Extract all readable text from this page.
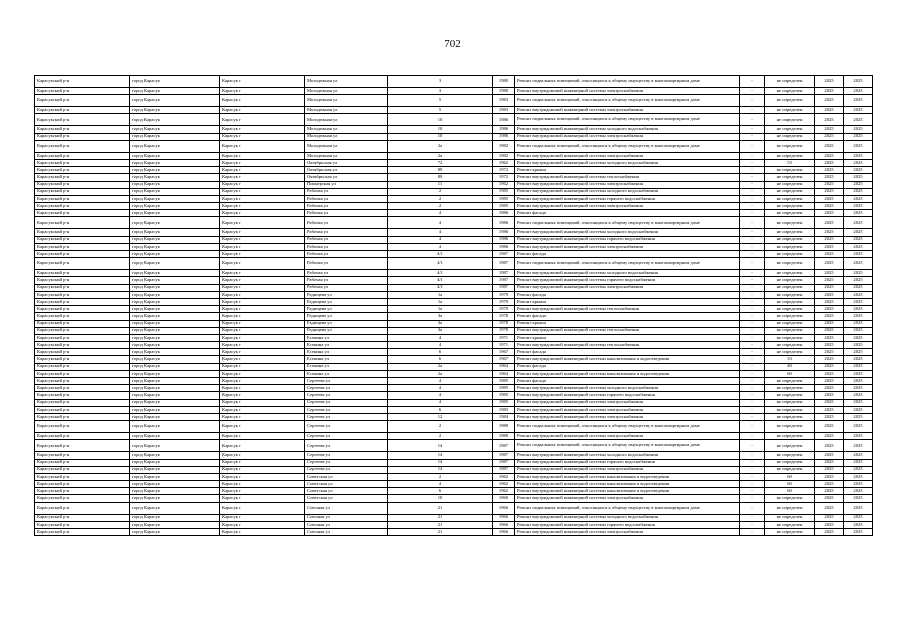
702
Карасукский р-н	город Карасук	Карасук г	Молодежная ул	3	1980	Ремонт подвальных помещений, относящихся к общему имуществу в многоквартирном доме	-	не определен	2025	2025
Карасукский р-н	город Карасук	Карасук г	Молодежная ул	3	1980	Ремонт внутридомовой инженерной системы электроснабжения	-	не определен	2025	2025
Карасукский р-н	город Карасук	Карасук г	Молодежная ул	5	1983	Ремонт подвальных помещений, относящихся к общему имуществу в многоквартирном доме	-	не определен	2025	2025
Карасукский р-н	город Карасук	Карасук г	Молодежная ул	5	1983	Ремонт внутридомовой инженерной системы электроснабжения	-	не определен	2025	2025
Карасукский р-н	город Карасук	Карасук г	Молодежная ул	10	1986	Ремонт подвальных помещений, относящихся к общему имуществу в многоквартирном доме	-	не определен	2025	2025
Карасукский р-н	город Карасук	Карасук г	Молодежная ул	10	1986	Ремонт внутридомовой инженерной системы холодного водоснабжения	-	не определен	2025	2025
Карасукский р-н	город Карасук	Карасук г	Молодежная ул	10	1986	Ремонт внутридомовой инженерной системы электроснабжения	-	не определен	2025	2025
Карасукский р-н	город Карасук	Карасук г	Молодежная ул	2а	1982	Ремонт подвальных помещений, относящихся к общему имуществу в многоквартирном доме	-	не определен	2025	2025
Карасукский р-н	город Карасук	Карасук г	Молодежная ул	2а	1982	Ремонт внутридомовой инженерной системы электроснабжения	-	не определен	2025	2025
Карасукский р-н	город Карасук	Карасук г	Октябрьская ул	72	1962	Ремонт внутридомовой инженерной системы холодного водоснабжения	-	53	2025	2025
Карасукский р-н	город Карасук	Карасук г	Октябрьская ул	89	1972	Ремонт крыши	-	не определен	2025	2025
Карасукский р-н	город Карасук	Карасук г	Октябрьская ул	89	1972	Ремонт внутридомовой инженерной системы теплоснабжения	-	не определен	2025	2025
Карасукский р-н	город Карасук	Карасук г	Пионерская ул	11	1962	Ремонт внутридомовой инженерной системы электроснабжения	-	не определен	2025	2025
Карасукский р-н	город Карасук	Карасук г	Рабочая ул	2	1985	Ремонт внутридомовой инженерной системы холодного водоснабжения	-	не определен	2025	2025
Карасукский р-н	город Карасук	Карасук г	Рабочая ул	2	1985	Ремонт внутридомовой инженерной системы горячего водоснабжения	-	не определен	2025	2025
Карасукский р-н	город Карасук	Карасук г	Рабочая ул	2	1985	Ремонт внутридомовой инженерной системы электроснабжения	-	не определен	2025	2025
Карасукский р-н	город Карасук	Карасук г	Рабочая ул	4	1986	Ремонт фасада	-	не определен	2025	2025
Карасукский р-н	город Карасук	Карасук г	Рабочая ул	4	1986	Ремонт подвальных помещений, относящихся к общему имуществу в многоквартирном доме	-	не определен	2025	2025
Карасукский р-н	город Карасук	Карасук г	Рабочая ул	4	1986	Ремонт внутридомовой инженерной системы холодного водоснабжения	-	не определен	2025	2025
Карасукский р-н	город Карасук	Карасук г	Рабочая ул	4	1986	Ремонт внутридомовой инженерной системы горячего водоснабжения	-	не определен	2025	2025
Карасукский р-н	город Карасук	Карасук г	Рабочая ул	4	1986	Ремонт внутридомовой инженерной системы электроснабжения	-	не определен	2025	2025
Карасукский р-н	город Карасук	Карасук г	Рабочая ул	4/1	1987	Ремонт фасада	-	не определен	2025	2025
Карасукский р-н	город Карасук	Карасук г	Рабочая ул	4/1	1987	Ремонт подвальных помещений, относящихся к общему имуществу в многоквартирном доме	-	не определен	2025	2025
Карасукский р-н	город Карасук	Карасук г	Рабочая ул	4/1	1987	Ремонт внутридомовой инженерной системы холодного водоснабжения	-	не определен	2025	2025
Карасукский р-н	город Карасук	Карасук г	Рабочая ул	4/1	1987	Ремонт внутридомовой инженерной системы горячего водоснабжения	-	не определен	2025	2025
Карасукский р-н	город Карасук	Карасук г	Рабочая ул	4/1	1987	Ремонт внутридомовой инженерной системы электроснабжения	-	не определен	2025	2025
Карасукский р-н	город Карасук	Карасук г	Радищева ул	1а	1979	Ремонт фасада	-	не определен	2025	2025
Карасукский р-н	город Карасук	Карасук г	Радищева ул	1а	1979	Ремонт крыши	-	не определен	2025	2025
Карасукский р-н	город Карасук	Карасук г	Радищева ул	1а	1979	Ремонт внутридомовой инженерной системы теплоснабжения	-	не определен	2025	2025
Карасукский р-н	город Карасук	Карасук г	Радищева ул	3а	1978	Ремонт фасада	-	не определен	2025	2025
Карасукский р-н	город Карасук	Карасук г	Радищева ул	3а	1978	Ремонт крыши	-	не определен	2025	2025
Карасукский р-н	город Карасук	Карасук г	Радищева ул	3а	1978	Ремонт внутридомовой инженерной системы теплоснабжения	-	не определен	2025	2025
Карасукский р-н	город Карасук	Карасук г	Есенина ул	4	1971	Ремонт крыши	-	не определен	2025	2025
Карасукский р-н	город Карасук	Карасук г	Есенина ул	4	1971	Ремонт внутридомовой инженерной системы теплоснабжения	-	не определен	2025	2025
Карасукский р-н	город Карасук	Карасук г	Есенина ул	6	1967	Ремонт фасада	-	не определен	2025	2025
Карасукский р-н	город Карасук	Карасук г	Есенина ул	6	1967	Ремонт внутридомовой инженерной системы канализования и водоотведения	-	53	2025	2025
Карасукский р-н	город Карасук	Карасук г	Есенина ул	2а	1964	Ремонт фасада	-	40	2025	2025
Карасукский р-н	город Карасук	Карасук г	Есенина ул	2а	1964	Ремонт внутридомовой инженерной системы канализования и водоотведения	-	60	2025	2025
Карасукский р-н	город Карасук	Карасук г	Сергеева ул	4	1985	Ремонт фасада	-	не определен	2025	2025
Карасукский р-н	город Карасук	Карасук г	Сергеева ул	4	1985	Ремонт внутридомовой инженерной системы холодного водоснабжения	-	не определен	2025	2025
Карасукский р-н	город Карасук	Карасук г	Сергеева ул	4	1985	Ремонт внутридомовой инженерной системы горячего водоснабжения	-	не определен	2025	2025
Карасукский р-н	город Карасук	Карасук г	Сергеева ул	4	1985	Ремонт внутридомовой инженерной системы электроснабжения	-	не определен	2025	2025
Карасукский р-н	город Карасук	Карасук г	Сергеева ул	6	1983	Ремонт внутридомовой инженерной системы электроснабжения	-	не определен	2025	2025
Карасукский р-н	город Карасук	Карасук г	Сергеева ул	12	1984	Ремонт внутридомовой инженерной системы электроснабжения	-	не определен	2025	2025
Карасукский р-н	город Карасук	Карасук г	Сергеева ул	2	1980	Ремонт подвальных помещений, относящихся к общему имуществу в многоквартирном доме	-	не определен	2025	2025
Карасукский р-н	город Карасук	Карасук г	Сергеева ул	2	1980	Ремонт внутридомовой инженерной системы электроснабжения	-	не определен	2025	2025
Карасукский р-н	город Карасук	Карасук г	Сергеева ул	14	1987	Ремонт подвальных помещений, относящихся к общему имуществу в многоквартирном доме	-	не определен	2025	2025
Карасукский р-н	город Карасук	Карасук г	Сергеева ул	14	1987	Ремонт внутридомовой инженерной системы холодного водоснабжения	-	не определен	2025	2025
Карасукский р-н	город Карасук	Карасук г	Сергеева ул	14	1987	Ремонт внутридомовой инженерной системы горячего водоснабжения	-	не определен	2025	2025
Карасукский р-н	город Карасук	Карасук г	Сергеева ул	14	1987	Ремонт внутридомовой инженерной системы электроснабжения	-	не определен	2025	2025
Карасукский р-н	город Карасук	Карасук г	Советская ул	2	1962	Ремонт внутридомовой инженерной системы канализования и водоотведения	-	60	2025	2025
Карасукский р-н	город Карасук	Карасук г	Советская ул	4	1962	Ремонт внутридомовой инженерной системы канализования и водоотведения	-	60	2025	2025
Карасукский р-н	город Карасук	Карасук г	Советская ул	6	1962	Ремонт внутридомовой инженерной системы канализования и водоотведения	-	60	2025	2025
Карасукский р-н	город Карасук	Карасук г	Советская ул	10	1960	Ремонт внутридомовой инженерной системы электроснабжения	-	не определен	2025	2025
Карасукский р-н	город Карасук	Карасук г	Союзная ул	21	1966	Ремонт подвальных помещений, относящихся к общему имуществу в многоквартирном доме	-	не определен	2025	2025
Карасукский р-н	город Карасук	Карасук г	Союзная ул	21	1966	Ремонт внутридомовой инженерной системы холодного водоснабжения	-	не определен	2025	2025
Карасукский р-н	город Карасук	Карасук г	Союзная ул	21	1966	Ремонт внутридомовой инженерной системы горячего водоснабжения	-	не определен	2025	2025
Карасукский р-н	город Карасук	Карасук г	Союзная ул	21	1966	Ремонт внутридомовой инженерной системы электроснабжения	-	не определен	2025	2025
